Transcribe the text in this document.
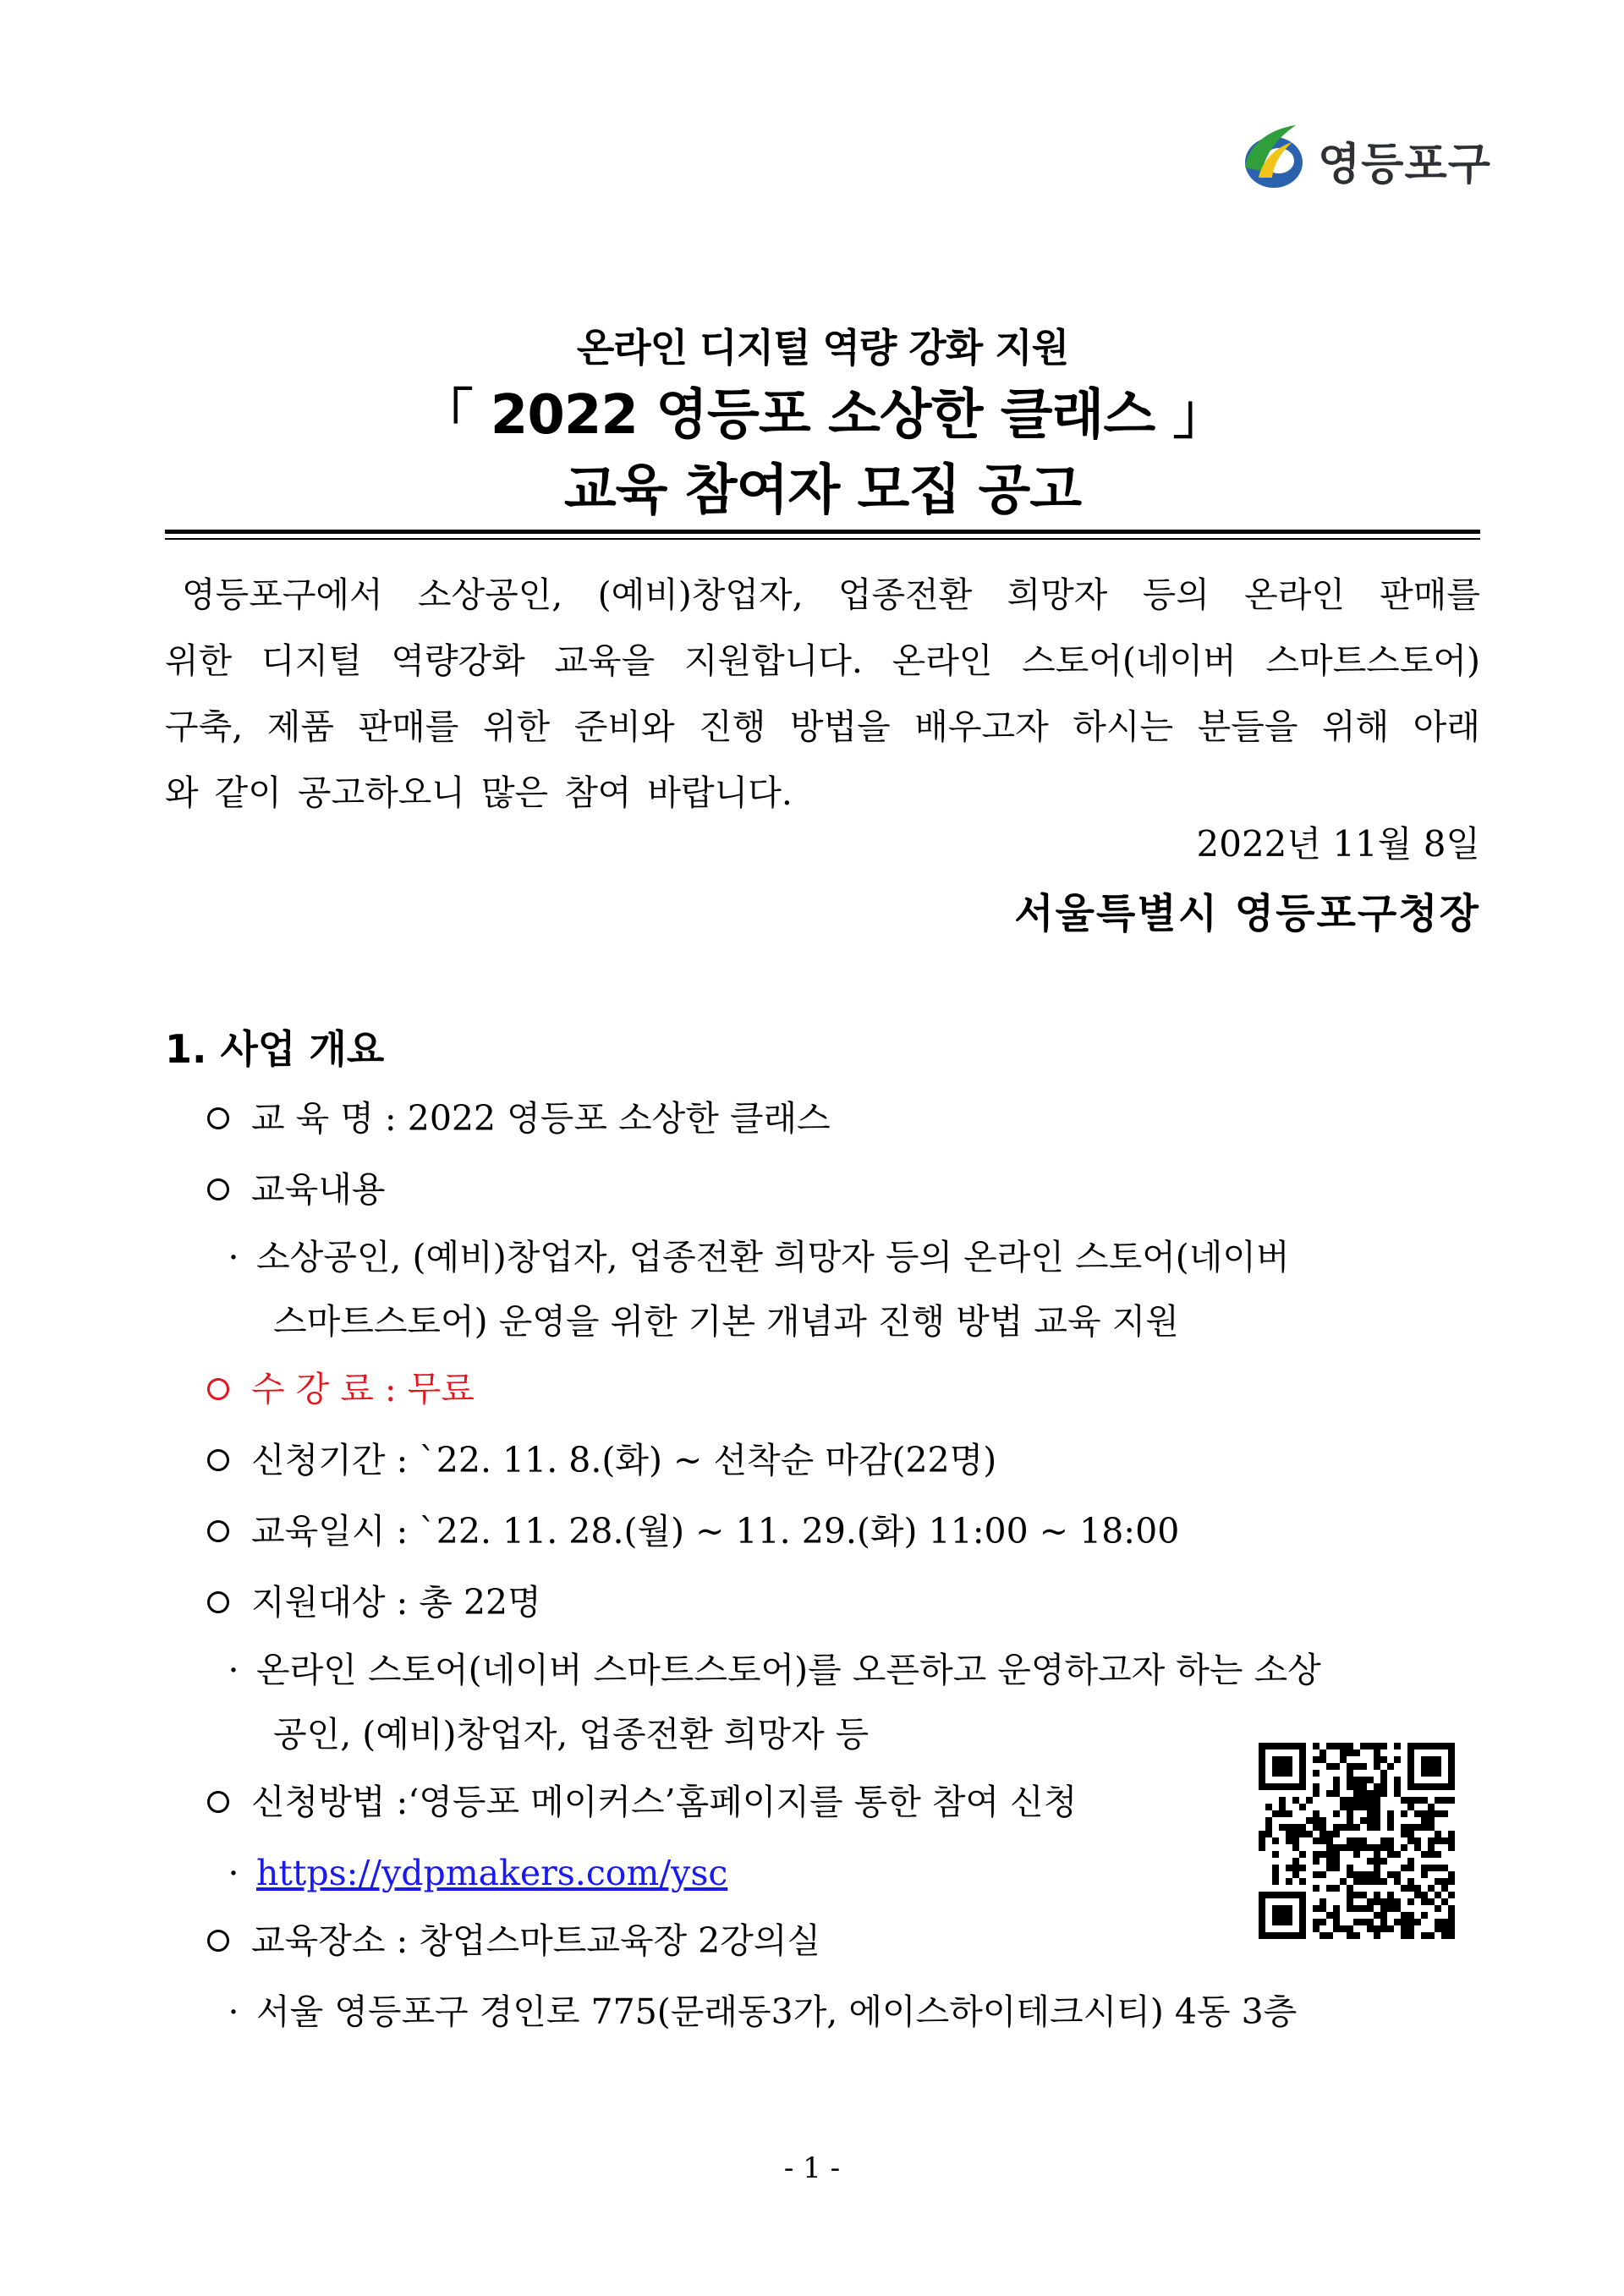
영등포구
온라인 디지털 역량 강화 지원
「 2022 영등포 소상한 클래스 」
교육 참여자 모집 공고
영등포구에서 소상공인, (예비)창업자, 업종전환 희망자 등의 온라인 판매를
위한 디지털 역량강화 교육을 지원합니다. 온라인 스토어(네이버 스마트스토어)
구축, 제품 판매를 위한 준비와 진행 방법을 배우고자 하시는 분들을 위해 아래
와 같이 공고하오니 많은 참여 바랍니다.
2022년 11월 8일
서울특별시 영등포구청장
1. 사업 개요
교 육 명 : 2022 영등포 소상한 클래스
교육내용
· 소상공인, (예비)창업자, 업종전환 희망자 등의 온라인 스토어(네이버
스마트스토어) 운영을 위한 기본 개념과 진행 방법 교육 지원
수 강 료 : 무료
신청기간 : `22. 11. 8.(화) ~ 선착순 마감(22명)
교육일시 : `22. 11. 28.(월) ~ 11. 29.(화) 11:00 ~ 18:00
지원대상 : 총 22명
· 온라인 스토어(네이버 스마트스토어)를 오픈하고 운영하고자 하는 소상
공인, (예비)창업자, 업종전환 희망자 등
신청방법 :‘영등포 메이커스’홈페이지를 통한 참여 신청
· https://ydpmakers.com/ysc
교육장소 : 창업스마트교육장 2강의실
· 서울 영등포구 경인로 775(문래동3가, 에이스하이테크시티) 4동 3층
- 1 -
